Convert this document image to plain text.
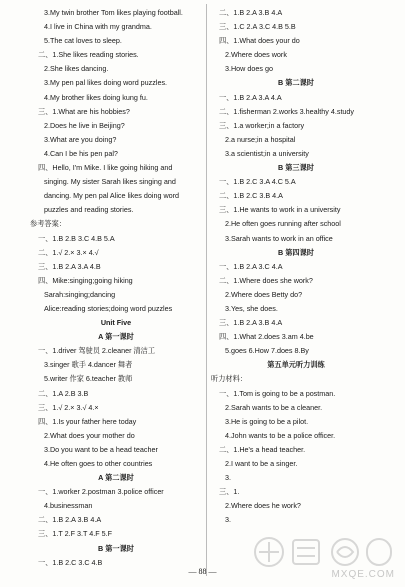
3.My twin brother Tom likes playing football.
4.I live in China with my grandma.
5.The cat loves to sleep.
二、1.She likes reading stories.
2.She likes dancing.
3.My pen pal likes doing word puzzles.
4.My brother likes doing kung fu.
三、1.What are his hobbies?
2.Does he live in Beijing?
3.What are you doing?
4.Can I be his pen pal?
四、Hello, I'm Mike. I like going hiking and
singing. My sister Sarah likes singing and
dancing. My pen pal Alice likes doing word
puzzles and reading stories.
参考答案：
一、1.B 2.B 3.C 4.B 5.A
二、1.√ 2.× 3.× 4.√
三、1.B 2.A 3.A 4.B
四、Mike:singing;going hiking
Sarah:singing;dancing
Alice:reading stories;doing word puzzles
Unit Five
A 第一课时
一、1.driver 驾驶员 2.cleaner 清洁工
3.singer 歌手 4.dancer 舞者
5.writer 作家 6.teacher 教师
二、1.A 2.B 3.B
三、1.√ 2.× 3.√ 4.×
四、1.Is your father here today
2.What does your mother do
3.Do you want to be a head teacher
4.He often goes to other countries
A 第二课时
一、1.worker 2.postman 3.police officer
4.businessman
二、1.B 2.A 3.B 4.A
三、1.T 2.F 3.T 4.F 5.F
B 第一课时
一、1.B 2.C 3.C 4.B
二、1.B 2.A 3.B 4.A
三、1.C 2.A 3.C 4.B 5.B
四、1.What does your do
2.Where does work
3.How does go
B 第二课时
一、1.B 2.A 3.A 4.A
二、1.fisherman 2.works 3.healthy 4.study
三、1.a worker;in a factory
2.a nurse;in a hospital
3.a scientist;in a university
B 第三课时
一、1.B 2.C 3.A 4.C 5.A
二、1.B 2.C 3.B 4.A
三、1.He wants to work in a university
2.He often goes running after school
3.Sarah wants to work in an office
B 第四课时
一、1.B 2.A 3.C 4.A
二、1.Where does she work?
2.Where does Betty do?
3.Yes, she does.
三、1.B 2.A 3.B 4.A
四、1.What 2.does 3.am 4.be
5.goes 6.How 7.does 8.By
第五单元听力训练
听力材料：
一、1.Tom is going to be a postman.
2.Sarah wants to be a cleaner.
3.He is going to be a pilot.
4.John wants to be a police officer.
二、1.He's a head teacher.
2.I want to be a singer.
3.
三、1.
2.Where does he work?
3.
— 88 —	MXQE.COM
